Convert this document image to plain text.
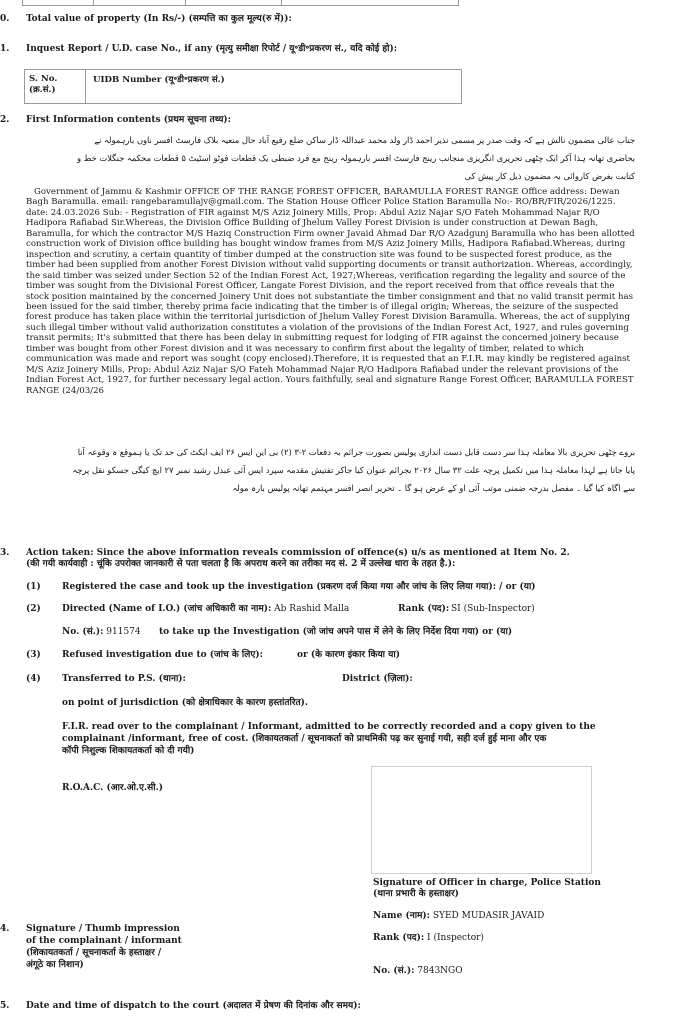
0. Total value of property (In Rs/-) (सम्पत्ति का कुल मूल्य(रु में)):
1. Inquest Report / U.D. case No., if any (मृत्यु समीक्षा रिपोर्ट / यू॰डी॰प्रकरण सं., यदि कोई हो):
S. No.
(क्र.सं.)
UIDB Number (यू॰डी॰प्रकरण सं.)
2. First Information contents (प्रथम सूचना तथ्य):
جناب عالی مضمون نالش ہے کہ وقت صدر پر مسمی نذیر احمد ڈار ولد محمد عبداللہ ڈار ساکن ضلع رفیع آباد حال منعیہ بلاک فارسٹ افسر ناوں بارہمولہ نے
بحاضری تھانہ ہذا آکر ایک چٹھی تحریری انگریزی منجانب رینج فارسٹ افسر بارہمولہ رینج مع فرد ضبطی یک قطعات فوٹو اسٹیٹ ۵ قطعات محکمہ جنگلات خط و
کتابت بغرض کاروائی بہ مضمون ذیل کار پیش کی

Government of Jammu & Kashmir OFFICE OF THE RANGE FOREST OFFICER, BARAMULLA FOREST RANGE Office address: Dewan Bagh Baramulla. email: rangebaramullajv@gmail.com. The Station House Officer Police Station Baramulla No:- RO/BR/FIR/2026/1225. date: 24.03.2026 Sub: - Registration of FIR against M/S Aziz Joinery Mills, Prop: Abdul Aziz Najar S/O Fateh Mohammad Najar R/O Hadipora Rafiabad Sir.Whereas, the Division Office Building of Jhelum Valley Forest Division is under construction at Dewan Bagh, Baramulla, for which the contractor M/S Haziq Construction Firm owner Javaid Ahmad Dar R/O Azadgunj Baramulla who has been allotted construction work of Division office building has bought window frames from M/S Aziz Joinery Mills, Hadipora Rafiabad.Whereas, during inspection and scrutiny, a certain quantity of timber dumped at the construction site was found to be suspected forest produce, as the timber had been supplied from another Forest Division without valid supporting documents or transit authorization. Whereas, accordingly, the said timber was seized under Section 52 of the Indian Forest Act, 1927;Whereas, verification regarding the legality and source of the timber was sought from the Divisional Forest Officer, Langate Forest Division, and the report received from that office reveals that the stock position maintained by the concerned Joinery Unit does not substantiate the timber consignment and that no valid transit permit has been issued for the said timber, thereby prima facie indicating that the timber is of illegal origin; Whereas, the seizure of the suspected forest produce has taken place within the territorial jurisdiction of Jhelum Valley Forest Division Baramulla. Whereas, the act of supplying such illegal timber without valid authorization constitutes a violation of the provisions of the Indian Forest Act, 1927, and rules governing transit permits; It's submitted that there has been delay in submitting request for lodging of FIR against the concerned joinery because timber was bought from other Forest division and it was necessary to confirm first about the legality of timber, related to which communication was made and report was sought (copy enclosed).Therefore, it is requested that an F.I.R. may kindly be registered against M/S Aziz Joinery Mills, Prop: Abdul Aziz Najar S/O Fateh Mohammad Najar R/O Hadipora Rafiabad under the relevant provisions of the Indian Forest Act, 1927, for further necessary legal action. Yours faithfully, seal and signature Range Forest Officer, BARAMULLA FOREST RANGE (24/03/26

بروے چٹھی تحریری بالا معاملہ ہذا سر دست قابل دست اندازی پولیس بصورت جرائم بہ دفعات ۲-۳ (۲) بی این ایس ۲۶ ایف ایکٹ کی حد تک یا ہموقع ہ وقوعہ آنا
پایا جاتا ہے لہذا معاملہ ہذا میں تکمیل پرچہ علت ۳۲ سال ۲۰۲۶ بجرائم عنوان کیا جاکر تفتیش مقدمہ سپرد ایس آئی عبدل رشید نمبر ۲۷ ایچ کیگی جسکو نقل پرچہ
سے اگاہ کیا گیا ۔ مفصل بدرجہ ضمنی موتب آئی او کے عرض ہو گا ۔ تحریر انصر افسر مہتمم تھانہ پولیس بارہ مولہ
3. Action taken: Since the above information reveals commission of offence(s) u/s as mentioned at Item No. 2.
(की गयी कार्यवाही : चूंकि उपरोक्त जानकारी से पता चलता है कि अपराध करने का तरीका मद सं. 2 में उल्लेख धारा के तहत है.):
(1) Registered the case and took up the investigation (प्रकरण दर्ज किया गया और जांच के लिए लिया गया): / or (या)
(2) Directed (Name of I.O.) (जांच अधिकारी का नाम): Ab Rashid Malla	Rank (पद): SI (Sub-Inspector)
No. (सं.): 911574 to take up the Investigation (जो जांच अपने पास में लेने के लिए निर्देश दिया गया) or (या)
(3) Refused investigation due to (जांच के लिए):	or (के कारण इंकार किया या)
(4) Transferred to P.S. (थाना):	District (ज़िला):
on point of jurisdiction (को क्षेत्राधिकार के कारण हस्तांतरित).
F.I.R. read over to the complainant / Informant, admitted to be correctly recorded and a copy given to the
complainant /informant, free of cost. (शिकायतकर्ता / सूचनाकर्ता को प्राथमिकी पढ़ कर सुनाई गयी, सही दर्ज हुई माना और एक
कॉपी निशुल्क शिकायतकर्ता को दी गयी)
R.O.A.C. (आर.ओ.ए.सी.)
Signature of Officer in charge, Police Station
(थाना प्रभारी के हस्ताक्षर)
Name (नाम): SYED MUDASIR JAVAID
Rank (पद): I (Inspector)
No. (सं.): 7843NGO
4. Signature / Thumb impression
of the complainant / informant
(शिकायतकर्ता / सूचनाकर्ता के हस्ताक्षर /
अंगूठे का निशान)
5. Date and time of dispatch to the court (अदालत में प्रेषण की दिनांक और समय):
